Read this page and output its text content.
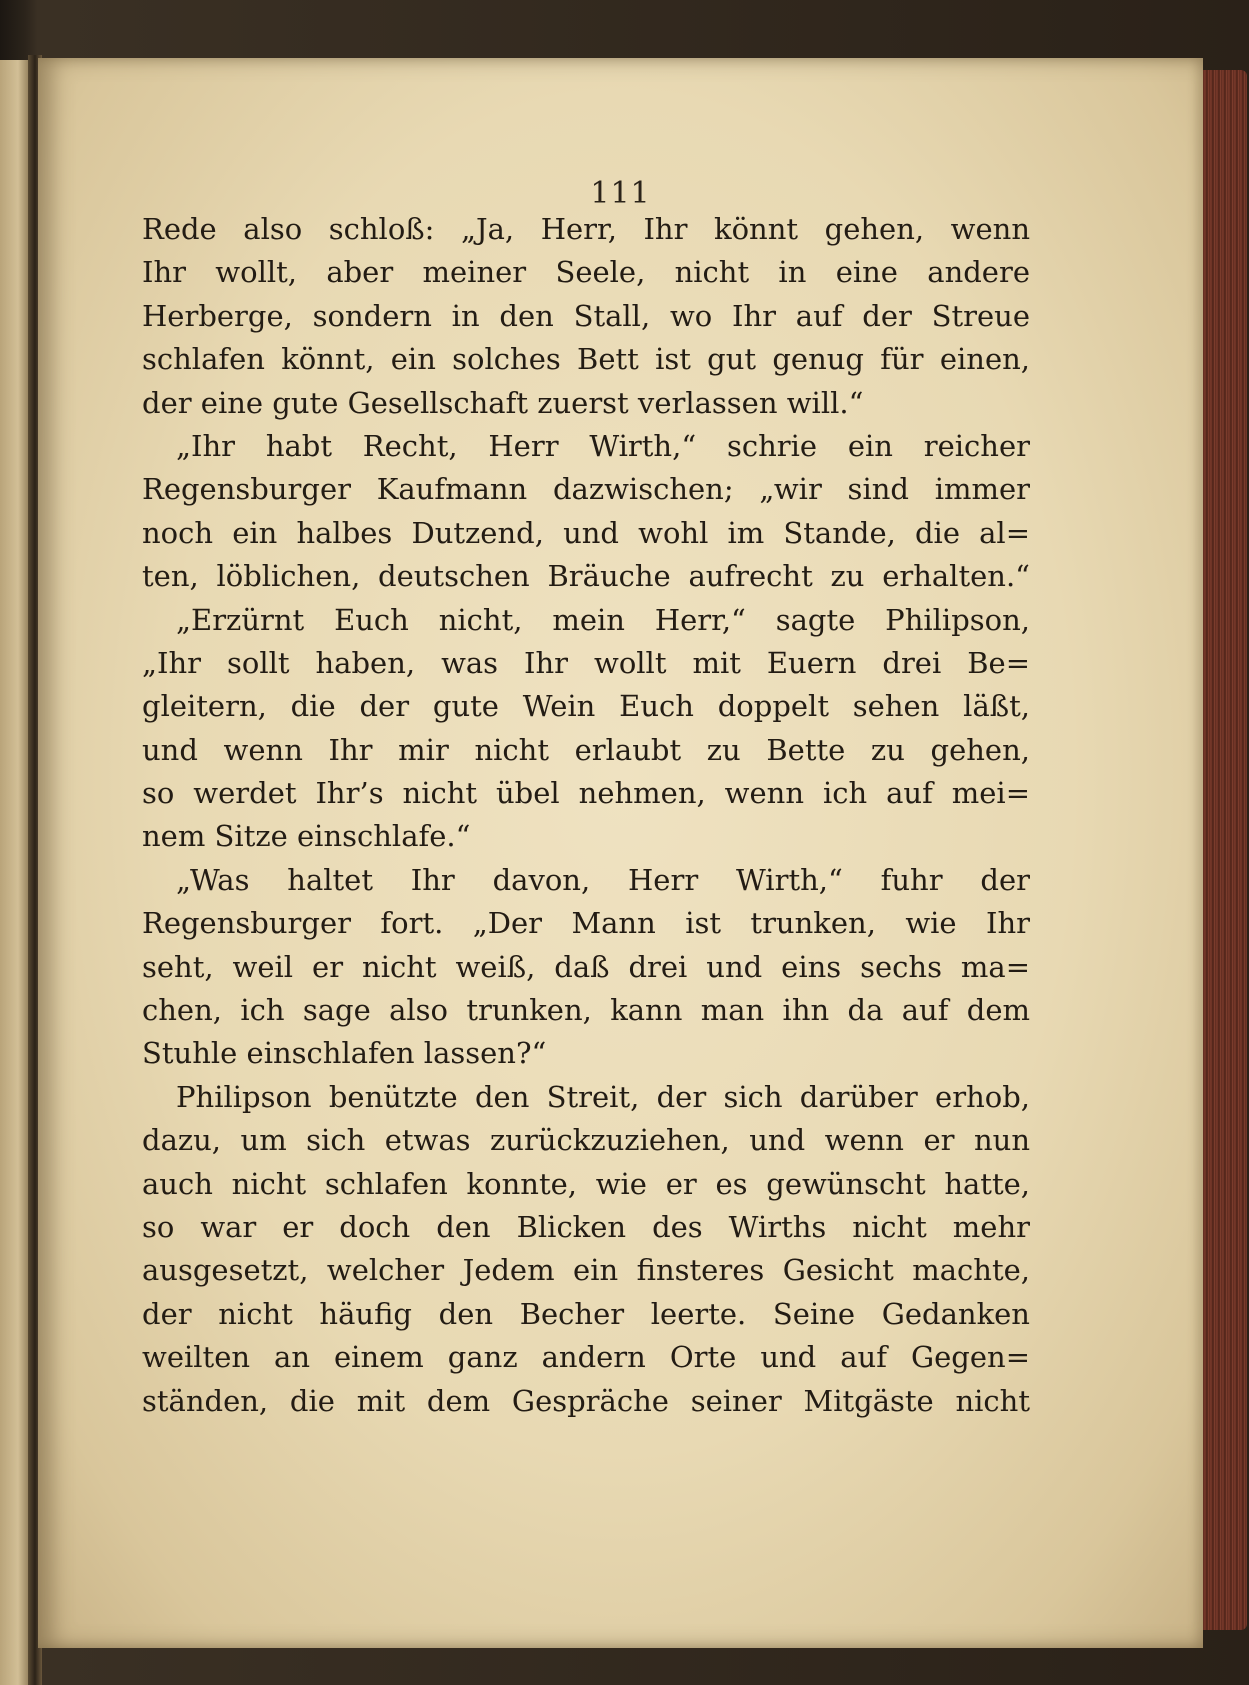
111
Rede also schloß: „Ja, Herr, Ihr könnt gehen, wenn
Ihr wollt, aber meiner Seele, nicht in eine andere
Herberge, sondern in den Stall, wo Ihr auf der Streue
schlafen könnt, ein solches Bett ist gut genug für einen,
der eine gute Gesellschaft zuerst verlassen will.“
„Ihr habt Recht, Herr Wirth,“ schrie ein reicher
Regensburger Kaufmann dazwischen; „wir sind immer
noch ein halbes Dutzend, und wohl im Stande, die al=
ten, löblichen, deutschen Bräuche aufrecht zu erhalten.“
„Erzürnt Euch nicht, mein Herr,“ sagte Philipson,
„Ihr sollt haben, was Ihr wollt mit Euern drei Be=
gleitern, die der gute Wein Euch doppelt sehen läßt,
und wenn Ihr mir nicht erlaubt zu Bette zu gehen,
so werdet Ihr’s nicht übel nehmen, wenn ich auf mei=
nem Sitze einschlafe.“
„Was haltet Ihr davon, Herr Wirth,“ fuhr der
Regensburger fort. „Der Mann ist trunken, wie Ihr
seht, weil er nicht weiß, daß drei und eins sechs ma=
chen, ich sage also trunken, kann man ihn da auf dem
Stuhle einschlafen lassen?“
Philipson benützte den Streit, der sich darüber erhob,
dazu, um sich etwas zurückzuziehen, und wenn er nun
auch nicht schlafen konnte, wie er es gewünscht hatte,
so war er doch den Blicken des Wirths nicht mehr
ausgesetzt, welcher Jedem ein finsteres Gesicht machte,
der nicht häufig den Becher leerte. Seine Gedanken
weilten an einem ganz andern Orte und auf Gegen=
ständen, die mit dem Gespräche seiner Mitgäste nicht
